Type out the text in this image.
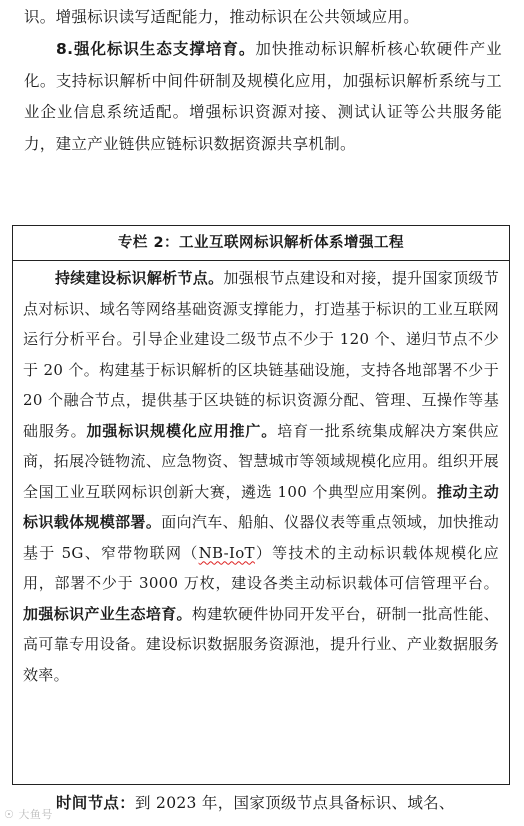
识。增强标识读写适配能力，推动标识在公共领域应用。
8.强化标识生态支撑培育。加快推动标识解析核心软硬件产业化。支持标识解析中间件研制及规模化应用，加强标识解析系统与工业企业信息系统适配。增强标识资源对接、测试认证等公共服务能力，建立产业链供应链标识数据资源共享机制。
专栏 2：工业互联网标识解析体系增强工程
持续建设标识解析节点。加强根节点建设和对接，提升国家顶级节点对标识、域名等网络基础资源支撑能力，打造基于标识的工业互联网运行分析平台。引导企业建设二级节点不少于 120 个、递归节点不少于 20 个。构建基于标识解析的区块链基础设施，支持各地部署不少于 20 个融合节点，提供基于区块链的标识资源分配、管理、互操作等基础服务。加强标识规模化应用推广。培育一批系统集成解决方案供应商，拓展冷链物流、应急物资、智慧城市等领域规模化应用。组织开展全国工业互联网标识创新大赛，遴选 100 个典型应用案例。推动主动标识载体规模部署。面向汽车、船舶、仪器仪表等重点领域，加快推动基于 5G、窄带物联网（NB-IoT）等技术的主动标识载体规模化应用，部署不少于 3000 万枚，建设各类主动标识载体可信管理平台。加强标识产业生态培育。构建软硬件协同开发平台，研制一批高性能、高可靠专用设备。建设标识数据服务资源池，提升行业、产业数据服务效率。
时间节点：到 2023 年，国家顶级节点具备标识、域名、
☉ 大鱼号
